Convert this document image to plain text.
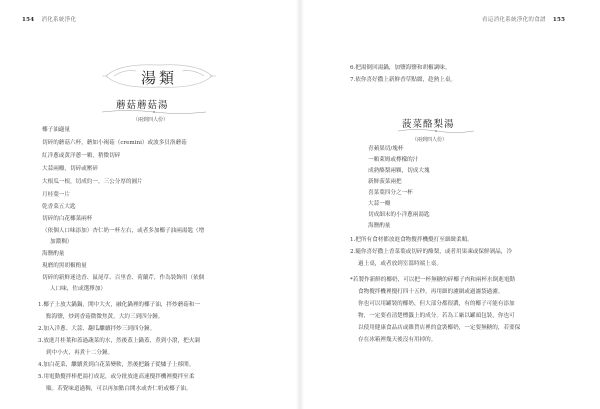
154 消化系統淨化
湯類
蘑菇蘑菇湯
（兩到四人份）
椰子油適量
切碎的蘑菇六杯，蘑如小褐菇（cremini）或波多貝洛蘑菇
紅洋蔥或黃洋蔥一顆，稍微切碎
大蒜兩瓣，切碎或壓碎
大根瓜一根，切成約一，三公分厚的圓片
月桂葉一片
乾香菜五大匙
切碎的白花椰菜兩杯
（依個人口味添加）杏仁奶一杯左右，或者多加椰子油兩湯匙（增
加濃稠）
海鹽酌量
現磨的黑胡椒酌量
切碎的新鮮迷迭香、鼠尾草、百里香、荷蘭芹，作為裝飾用（依個
人口味，佐或選擇加）
1.椰子上放大鍋鍋，開中大火，融化鍋裡的椰子油，拌炒蘑菇和一
點海鹽，炒到香菇微微焦黃，大約三到四分鐘。
2.加入洋蔥、大蒜、翻瓜繼續拌炒三到四分鐘。
3.放進月桂葉和蓋過蔬菜的水，然後蓋上鍋蓋，煮到小滾，把火調
到中小火，再煮十二分鐘。
4.加白花菜，繼續煮到白花菜變軟，然後把鍋子從爐子上移開。
5.用電動攪拌棒把湯打成泥，或分批放進高速攪拌機裡攪拌至柔
順。若覺味道過稠，可以再加點白開水或杏仁奶或椰子油。
看這消化系統淨化的食譜 155
6.把湯倒回湯鍋，加鹽海鹽和胡椒調味。
7.依你喜好撒上新鮮香草點綴，趁熱上桌。
菠菜酪梨湯
（兩到四人份）
青蘋果切/塊杯
一顆萊姆或檸檬的汁
成熟酪梨兩顆，切成大塊
新鮮菠菜兩把
喜菜葉四分之一杯
大蒜一瓣
切成細末的小洋蔥兩湯匙
海鹽酌量
1.把所有食材都放進食物攪拌機攪打至細緻柔順。
2.隨你喜好撒上香菜葉或切碎的酪梨，或者用果凍或保鮮剝晶，冷
過上桌，或者放到室溫時端上桌。
*若製作新鮮的椰奶，可以把一杯無糖的碎椰子肉和兩杯水倒進電動
食物攪拌機裡攪打四十五秒，再用細的濾網或過濾袋過濾。
你也可以用罐裝的椰奶，但大部分都很濃，有的椰子可能有添加
物，一定要看清楚標籤上的成分。若為工廠以罐頭包裝，你也可
以使用健康食品店或雜貨店裡的盒裝椰奶，一定要無糖的，若要保
存在冰箱裡幾天後沒有用掉的。
